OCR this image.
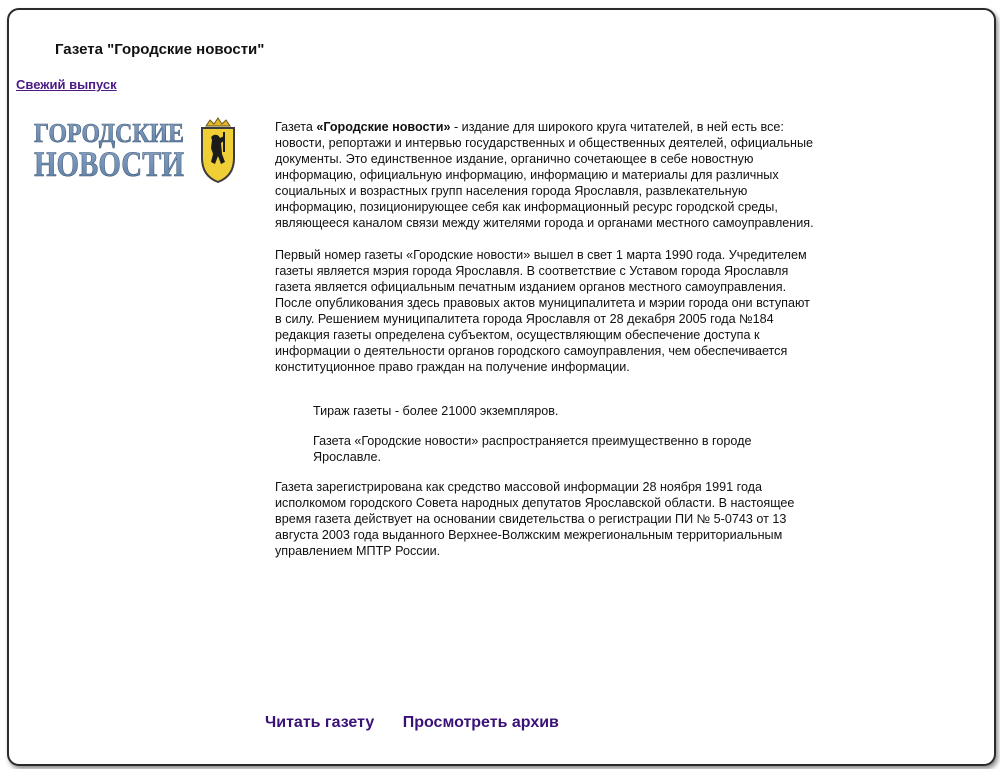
Газета "Городские новости"
Свежий выпуск
ГОРОДСКИЕ
НОВОСТИ

Газета «Городские новости» - издание для широкого круга читателей, в ней есть все: новости, репортажи и интервью государственных и общественных деятелей, официальные документы. Это единственное издание, органично сочетающее в себе новостную информацию, официальную информацию, информацию и материалы для различных социальных и возрастных групп населения города Ярославля, развлекательную информацию, позиционирующее себя как информационный ресурс городской среды, являющееся каналом связи между жителями города и органами местного самоуправления.

Первый номер газеты «Городские новости» вышел в свет 1 марта 1990 года. Учредителем газеты является мэрия города Ярославля. В соответствие с Уставом города Ярославля газета является официальным печатным изданием органов местного самоуправления. После опубликования здесь правовых актов муниципалитета и мэрии города они вступают в силу. Решением муниципалитета города Ярославля от 28 декабря 2005 года №184 редакция газеты определена субъектом, осуществляющим обеспечение доступа к информации о деятельности органов городского самоуправления, чем обеспечивается конституционное право граждан на получение информации.

Тираж газеты - более 21000 экземпляров.

Газета «Городские новости» распространяется преимущественно в городе Ярославле.

Газета зарегистрирована как средство массовой информации 28 ноября 1991 года исполкомом городского Совета народных депутатов Ярославской области. В настоящее время газета действует на основании свидетельства о регистрации ПИ № 5-0743 от 13 августа 2003 года выданного Верхнее-Волжским межрегиональным территориальным управлением МПТР России.

Читать газету Просмотреть архив
